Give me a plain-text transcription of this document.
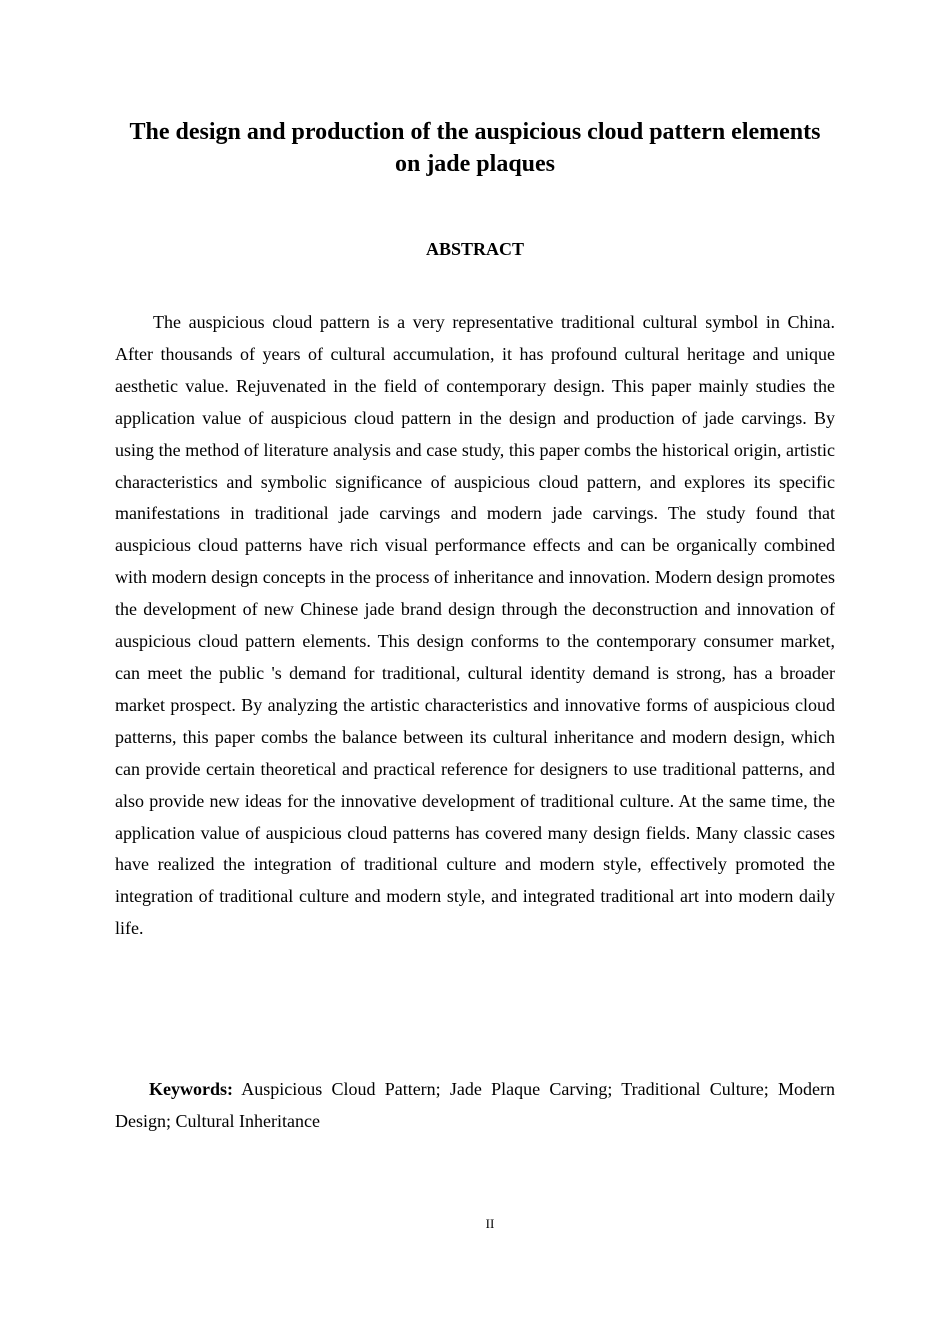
The design and production of the auspicious cloud pattern elements on jade plaques
ABSTRACT

The auspicious cloud pattern is a very representative traditional cultural symbol in China. After thousands of years of cultural accumulation, it has profound cultural heritage and unique aesthetic value. Rejuvenated in the field of contemporary design. This paper mainly studies the application value of auspicious cloud pattern in the design and production of jade carvings. By using the method of literature analysis and case study, this paper combs the historical origin, artistic characteristics and symbolic significance of auspicious cloud pattern, and explores its specific manifestations in traditional jade carvings and modern jade carvings. The study found that auspicious cloud patterns have rich visual performance effects and can be organically combined with modern design concepts in the process of inheritance and innovation. Modern design promotes the development of new Chinese jade brand design through the deconstruction and innovation of auspicious cloud pattern elements. This design conforms to the contemporary consumer market, can meet the public 's demand for traditional, cultural identity demand is strong, has a broader market prospect. By analyzing the artistic characteristics and innovative forms of auspicious cloud patterns, this paper combs the balance between its cultural inheritance and modern design, which can provide certain theoretical and practical reference for designers to use traditional patterns, and also provide new ideas for the innovative development of traditional culture. At the same time, the application value of auspicious cloud patterns has covered many design fields. Many classic cases have realized the integration of traditional culture and modern style, effectively promoted the integration of traditional culture and modern style, and integrated traditional art into modern daily life.

Keywords: Auspicious Cloud Pattern; Jade Plaque Carving; Traditional Culture; Modern Design; Cultural Inheritance

II
